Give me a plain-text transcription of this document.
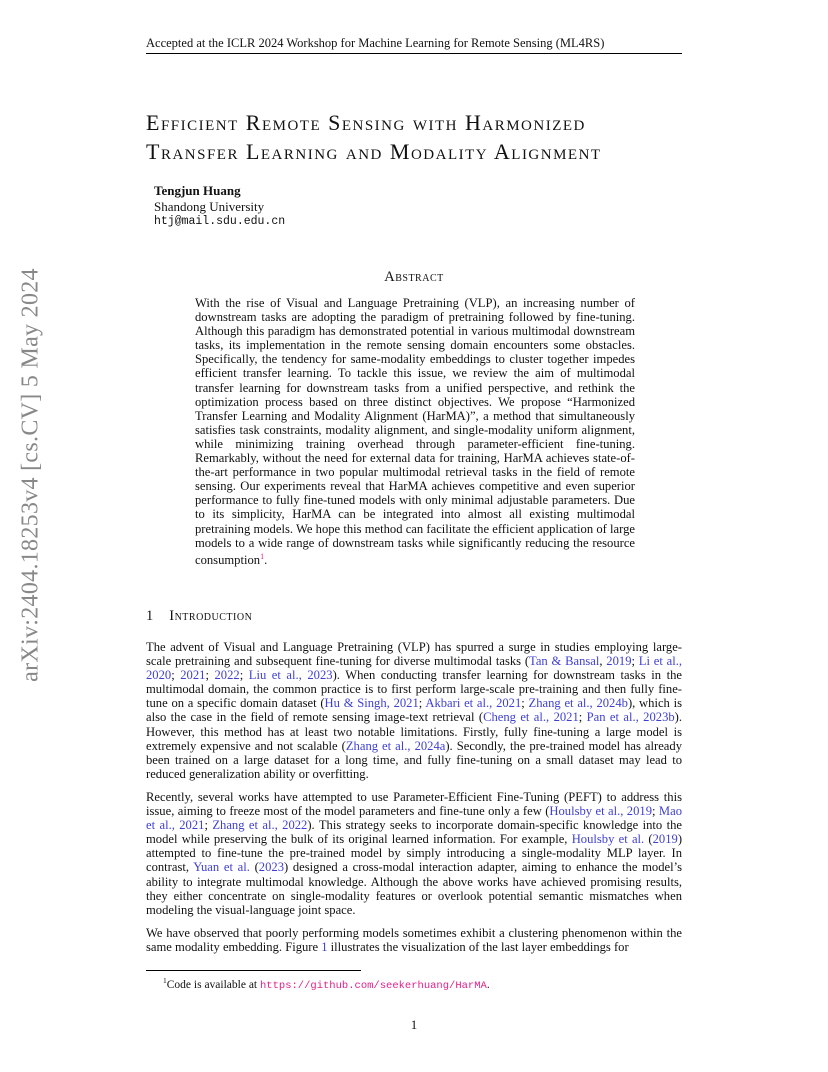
Accepted at the ICLR 2024 Workshop for Machine Learning for Remote Sensing (ML4RS)
Efficient Remote Sensing with Harmonized
Transfer Learning and Modality Alignment
Tengjun Huang
Shandong University
htj@mail.sdu.edu.cn
arXiv:2404.18253v4 [cs.CV] 5 May 2024	Abstract
With the rise of Visual and Language Pretraining (VLP), an increasing number of downstream tasks are adopting the paradigm of pretraining followed by fine-tuning. Although this paradigm has demonstrated potential in various multimodal downstream tasks, its implementation in the remote sensing domain encounters some obstacles. Specifically, the tendency for same-modality embeddings to cluster together impedes efficient transfer learning. To tackle this issue, we review the aim of multimodal transfer learning for downstream tasks from a unified perspective, and rethink the optimization process based on three distinct objectives. We propose “Harmonized Transfer Learning and Modality Alignment (HarMA)”, a method that simultaneously satisfies task constraints, modality alignment, and single-modality uniform alignment, while minimizing training overhead through parameter-efficient fine-tuning. Remarkably, without the need for external data for training, HarMA achieves state-of-the-art performance in two popular multimodal retrieval tasks in the field of remote sensing. Our experiments reveal that HarMA achieves competitive and even superior performance to fully fine-tuned models with only minimal adjustable parameters. Due to its simplicity, HarMA can be integrated into almost all existing multimodal pretraining models. We hope this method can facilitate the efficient application of large models to a wide range of downstream tasks while significantly reducing the resource consumption$^1$.
1 Introduction

The advent of Visual and Language Pretraining (VLP) has spurred a surge in studies employing large-scale pretraining and subsequent fine-tuning for diverse multimodal tasks (Tan & Bansal, 2019; Li et al., 2020; 2021; 2022; Liu et al., 2023). When conducting transfer learning for downstream tasks in the multimodal domain, the common practice is to first perform large-scale pre-training and then fully fine-tune on a specific domain dataset (Hu & Singh, 2021; Akbari et al., 2021; Zhang et al., 2024b), which is also the case in the field of remote sensing image-text retrieval (Cheng et al., 2021; Pan et al., 2023b). However, this method has at least two notable limitations. Firstly, fully fine-tuning a large model is extremely expensive and not scalable (Zhang et al., 2024a). Secondly, the pre-trained model has already been trained on a large dataset for a long time, and fully fine-tuning on a small dataset may lead to reduced generalization ability or overfitting.

Recently, several works have attempted to use Parameter-Efficient Fine-Tuning (PEFT) to address this issue, aiming to freeze most of the model parameters and fine-tune only a few (Houlsby et al., 2019; Mao et al., 2021; Zhang et al., 2022). This strategy seeks to incorporate domain-specific knowledge into the model while preserving the bulk of its original learned information. For example, Houlsby et al. (2019) attempted to fine-tune the pre-trained model by simply introducing a single-modality MLP layer. In contrast, Yuan et al. (2023) designed a cross-modal interaction adapter, aiming to enhance the model’s ability to integrate multimodal knowledge. Although the above works have achieved promising results, they either concentrate on single-modality features or overlook potential semantic mismatches when modeling the visual-language joint space.

We have observed that poorly performing models sometimes exhibit a clustering phenomenon within the same modality embedding. Figure 1 illustrates the visualization of the last layer embeddings for

$^1$Code is available at https://github.com/seekerhuang/HarMA.
1
